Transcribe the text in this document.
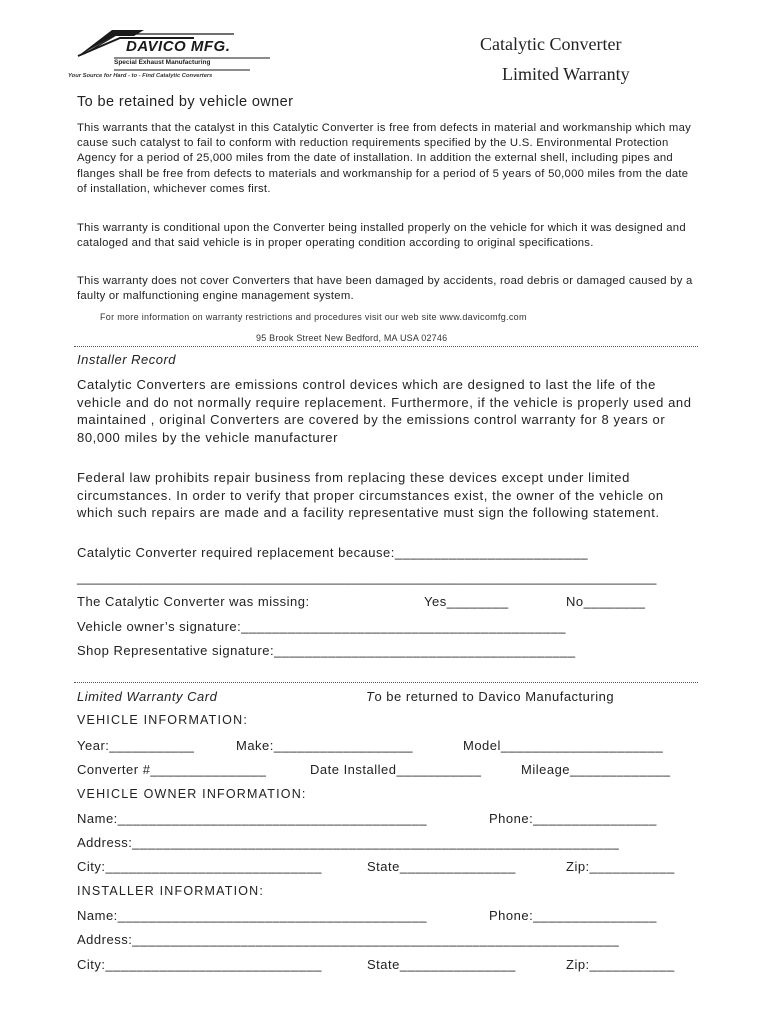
DAVICO MFG.
Special Exhaust Manufacturing
Your Source for Hard - to - Find Catalytic Converters
Catalytic Converter
Limited Warranty
To be retained by vehicle owner
This warrants that the catalyst in this Catalytic Converter is free from defects in material and workmanship which may cause such catalyst to fail to conform with reduction requirements specified by the U.S. Environmental Protection Agency for a period of 25,000 miles from the date of installation. In addition the external shell, including pipes and flanges shall be free from defects to materials and workmanship for a period of 5 years of 50,000 miles from the date of installation, whichever comes first.
This warranty is conditional upon the Converter being installed properly on the vehicle for which it was designed and cataloged and that said vehicle is in proper operating condition according to original specifications.
This warranty does not cover Converters that have been damaged by accidents, road debris or damaged caused by a faulty or malfunctioning engine management system.
For more information on warranty restrictions and procedures visit our web site www.davicomfg.com
95 Brook Street New Bedford, MA USA 02746
Installer Record
Catalytic Converters are emissions control devices which are designed to last the life of the vehicle and do not normally require replacement. Furthermore, if the vehicle is properly used and maintained , original Converters are covered by the emissions control warranty for 8 years or 80,000 miles by the vehicle manufacturer
Federal law prohibits repair business from replacing these devices except under limited circumstances. In order to verify that proper circumstances exist, the owner of the vehicle on which such repairs are made and a facility representative must sign the following statement.
Catalytic Converter required replacement because:_________________________
______________________________________________________________________________
The Catalytic Converter was missing:	Yes________	No________
Vehicle owner’s signature:__________________________________________
Shop Representative signature:_______________________________________
Limited Warranty Card	To be returned to Davico Manufacturing
VEHICLE INFORMATION:
Year:___________	Make:__________________	Model_____________________
Converter #_______________	Date Installed___________	Mileage_____________
VEHICLE OWNER INFORMATION:
Name:________________________________________	Phone:________________
Address:_______________________________________________________________
City:____________________________	State_______________	Zip:___________
INSTALLER INFORMATION:
Name:________________________________________	Phone:________________
Address:_______________________________________________________________
City:____________________________	State_______________	Zip:___________
